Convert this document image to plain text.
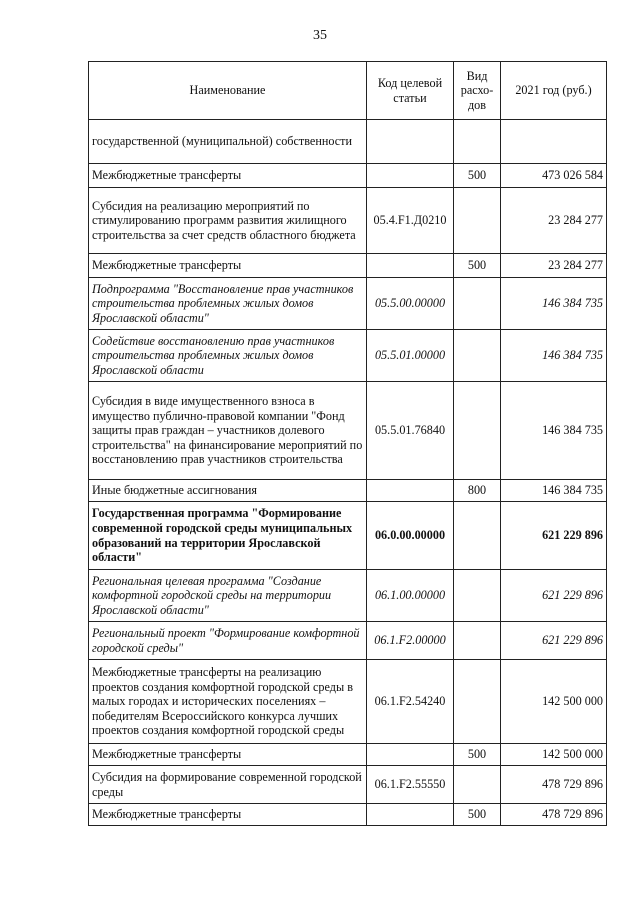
35
Наименование	Код целевой статьи	Вид расхо-дов	2021 год (руб.)
государственной (муниципальной) собственности			
Межбюджетные трансферты		500	473 026 584
Субсидия на реализацию мероприятий по стимулированию программ развития жилищного строительства за счет средств областного бюджета	05.4.F1.Д0210		23 284 277
Межбюджетные трансферты		500	23 284 277
Подпрограмма "Восстановление прав участников строительства проблемных жилых домов Ярославской области"	05.5.00.00000		146 384 735
Содействие восстановлению прав участников строительства проблемных жилых домов Ярославской области	05.5.01.00000		146 384 735
Субсидия в виде имущественного взноса в имущество публично-правовой компании "Фонд защиты прав граждан – участников долевого строительства" на финансирование мероприятий по восстановлению прав участников строительства	05.5.01.76840		146 384 735
Иные бюджетные ассигнования		800	146 384 735
Государственная программа "Формирование современной городской среды муниципальных образований на территории Ярославской области"	06.0.00.00000		621 229 896
Региональная целевая программа "Создание комфортной городской среды на территории Ярославской области"	06.1.00.00000		621 229 896
Региональный проект "Формирование комфортной городской среды"	06.1.F2.00000		621 229 896
Межбюджетные трансферты на реализацию проектов создания комфортной городской среды в малых городах и исторических поселениях – победителям Всероссийского конкурса лучших проектов создания комфортной городской среды	06.1.F2.54240		142 500 000
Межбюджетные трансферты		500	142 500 000
Субсидия на формирование современной городской среды	06.1.F2.55550		478 729 896
Межбюджетные трансферты		500	478 729 896
